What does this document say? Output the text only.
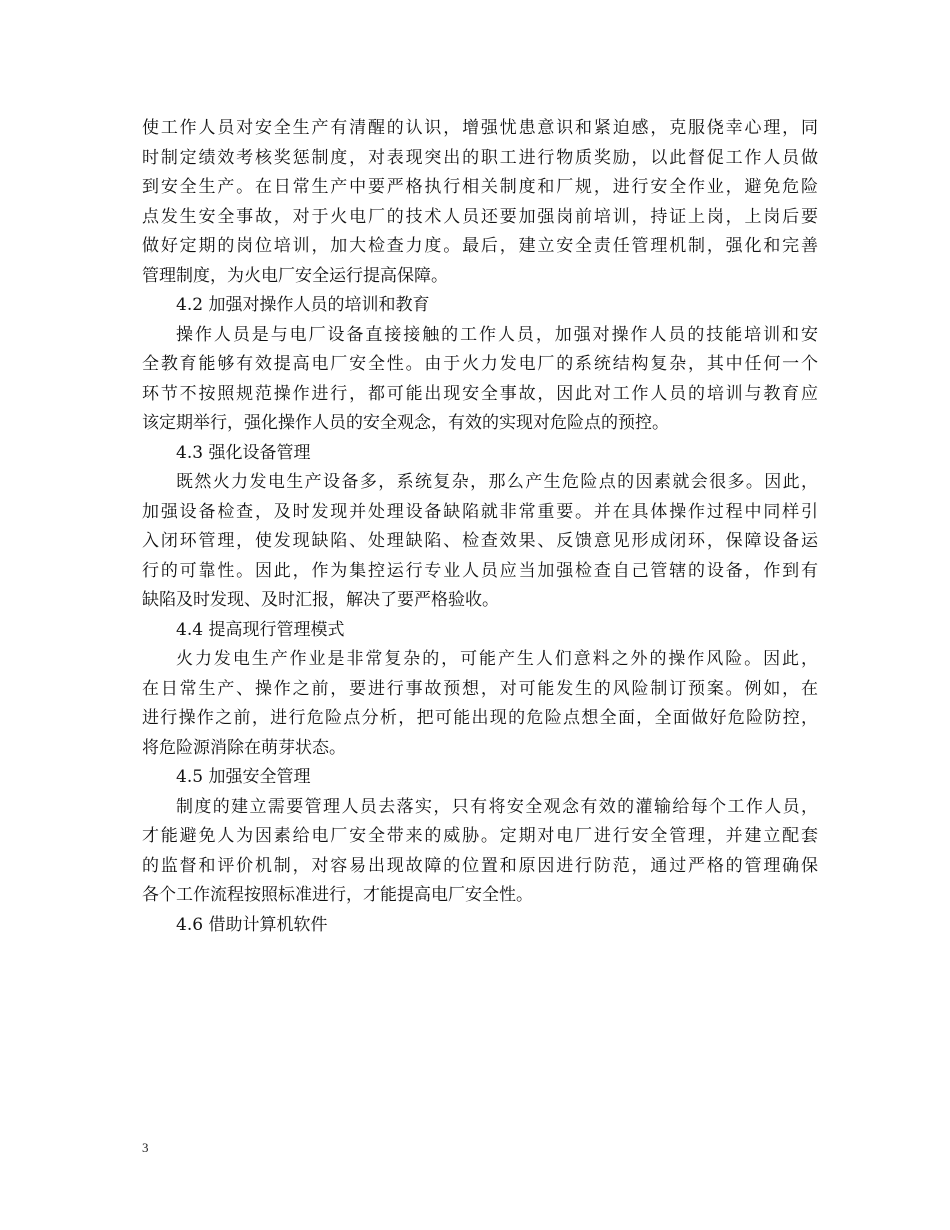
使工作人员对安全生产有清醒的认识，增强忧患意识和紧迫感，克服侥幸心理，同
时制定绩效考核奖惩制度，对表现突出的职工进行物质奖励，以此督促工作人员做
到安全生产。在日常生产中要严格执行相关制度和厂规，进行安全作业，避免危险
点发生安全事故，对于火电厂的技术人员还要加强岗前培训，持证上岗，上岗后要
做好定期的岗位培训，加大检查力度。最后，建立安全责任管理机制，强化和完善
管理制度，为火电厂安全运行提高保障。
4.2 加强对操作人员的培训和教育
操作人员是与电厂设备直接接触的工作人员，加强对操作人员的技能培训和安
全教育能够有效提高电厂安全性。由于火力发电厂的系统结构复杂，其中任何一个
环节不按照规范操作进行，都可能出现安全事故，因此对工作人员的培训与教育应
该定期举行，强化操作人员的安全观念，有效的实现对危险点的预控。
4.3 强化设备管理
既然火力发电生产设备多，系统复杂，那么产生危险点的因素就会很多。因此，
加强设备检查，及时发现并处理设备缺陷就非常重要。并在具体操作过程中同样引
入闭环管理，使发现缺陷、处理缺陷、检查效果、反馈意见形成闭环，保障设备运
行的可靠性。因此，作为集控运行专业人员应当加强检查自己管辖的设备，作到有
缺陷及时发现、及时汇报，解决了要严格验收。
4.4 提高现行管理模式
火力发电生产作业是非常复杂的，可能产生人们意料之外的操作风险。因此，
在日常生产、操作之前，要进行事故预想，对可能发生的风险制订预案。例如，在
进行操作之前，进行危险点分析，把可能出现的危险点想全面，全面做好危险防控，
将危险源消除在萌芽状态。
4.5 加强安全管理
制度的建立需要管理人员去落实，只有将安全观念有效的灌输给每个工作人员，
才能避免人为因素给电厂安全带来的威胁。定期对电厂进行安全管理，并建立配套
的监督和评价机制，对容易出现故障的位置和原因进行防范，通过严格的管理确保
各个工作流程按照标准进行，才能提高电厂安全性。
4.6 借助计算机软件
3
